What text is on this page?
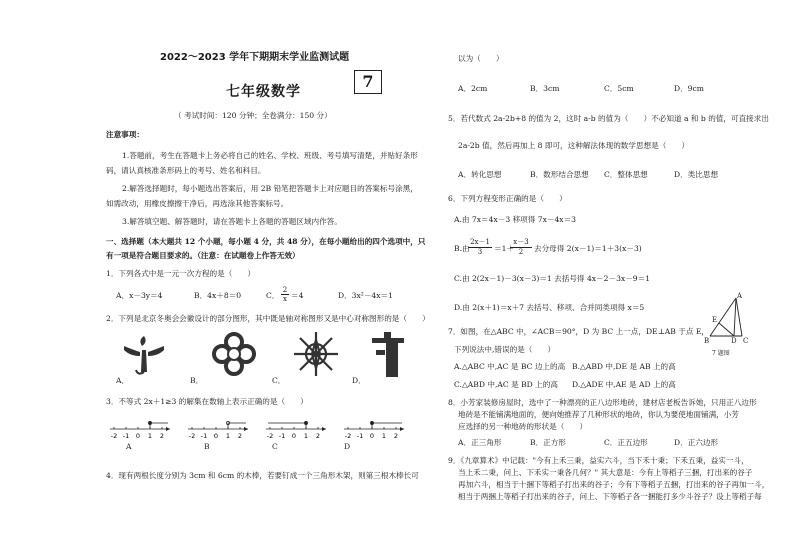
2022～2023 学年下期期末学业监测试题
7
七年级数学
（ 考试时间：120 分钟；全卷满分：150 分）
注意事项：
1.答题前，考生在答题卡上务必将自己的姓名、学校、班级、考号填写清楚，并贴好条形
码，请认真核准条形码上的考号、姓名和科目。
2.解答选择题时，每小题选出答案后，用 2B 铅笔把答题卡上对应题目的答案标号涂黑，
如需改动，用橡皮擦擦干净后，再选涂其他答案标号。
3.解答填空题、解答题时，请在答题卡上各题的答题区域内作答。
一、选择题（本大题共 12 个小题，每小题 4 分，共 48 分），在每小题给出的四个选项中，只
有一项是符合题目要求的。（注意：在试题卷上作答无效）
1．下列各式中是一元一次方程的是（　　）
A．x－3y＝4	B．4x＋8＝0	C． $\frac{2}{x} =4$	D．3x²－4x＝1
2．下列是北京冬奥会会徽设计的部分图形，其中既是轴对称图形又是中心对称图形的是（　　）
A．	B．	C．	D．
3．不等式 2x＋1≥3 的解集在数轴上表示正确的是（　　）
-2 -1 0 1 2	-2 -1 0 1 2	-2 -1 0 1 2	-2 -1 0 1 2
A	B	C	D
4．现有两根长度分别为 3cm 和 6cm 的木棒，若要钉成一个三角形木架，则第三根木棒长可
以为（　　）
A．2cm	B．3cm	C．5cm	D．9cm
5．若代数式 2a-2b+8 的值为 2，这时 a-b 的值为（　　）不必知道 a 和 b 的值，可直接求出
2a-2b 值，然后再加上 8 即可，这种解法体现的数学思想是（　　）
A．转化思想	B．数形结合思想 C．整体思想	D．类比思想
6．下列方程变形正确的是（　　）
A.由 7x＝4x－3 移项得 7x－4x＝3
B.由
$\frac{2x-1}{3} =1+$
$\frac{x-3}{2}$ 去分母得 2(x－1)＝1＋3(x－3)
C.由 2(2x－1)－3(x－3)＝1 去括号得 4x－2－3x－9＝1
D.由 2(x＋1)＝x＋7 去括号、移项、合并同类项得 x＝5
A
E
B	D C
7．如图，在△ABC 中，∠ACB＝90°，D 为 BC 上一点，DE⊥AB 于点 E，
7 题图
下列说法中,错误的是（　　）
A.△ABC 中,AC 是 BC 边上的高 B.△ABD 中,DE 是 AB 上的高
C.△ABD 中,AC 是 BD 上的高 D.△ADE 中,AE 是 AD 上的高
8．小芳家装修房屋时，选中了一种漂亮的正八边形地砖，建材店老板告诉她，只用正八边形
地砖是不能铺满地面的，便向她推荐了几种形状的地砖，你认为要使地面铺满，小芳
应选择的另一种地砖的形状是（　　）
A．正三角形	B．正方形	C．正五边形	D．正六边形
9．《九章算术》中记载："今有上禾三秉，益实六斗，当下禾十秉；下禾五秉，益实一斗，
当上禾二秉，问上、下禾实一秉各几何？" 其大意是：今有上等稻子三捆，打出来的谷子
再加六斗，相当于十捆下等稻子打出来的谷子；今有下等稻子五捆，打出来的谷子再加一斗，
相当于两捆上等稻子打出来的谷子，问上、下等稻子各一捆能打多少斗谷子？设上等稻子每
